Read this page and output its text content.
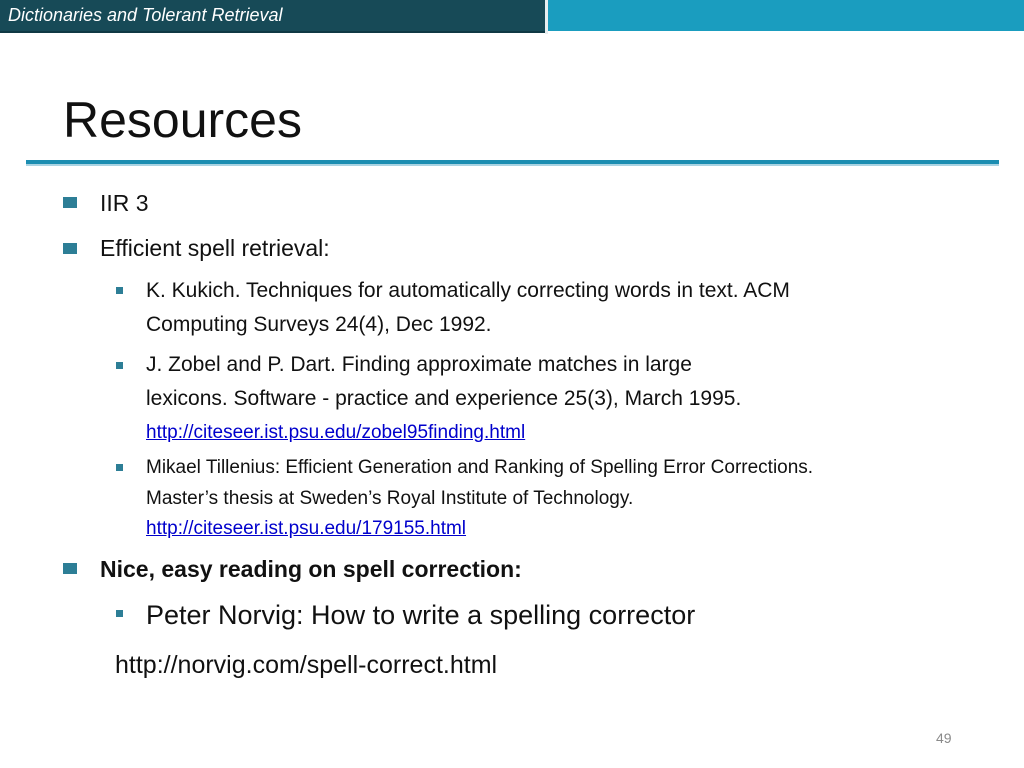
Dictionaries and Tolerant Retrieval
Resources
IIR 3
Efficient spell retrieval:
K. Kukich. Techniques for automatically correcting words in text. ACM
Computing Surveys 24(4), Dec 1992.
J. Zobel and P. Dart. Finding approximate matches in large
lexicons. Software - practice and experience 25(3), March 1995.
http://citeseer.ist.psu.edu/zobel95finding.html
Mikael Tillenius: Efficient Generation and Ranking of Spelling Error Corrections.
Master’s thesis at Sweden’s Royal Institute of Technology.
http://citeseer.ist.psu.edu/179155.html
Nice, easy reading on spell correction:
Peter Norvig: How to write a spelling corrector
http://norvig.com/spell-correct.html
49
